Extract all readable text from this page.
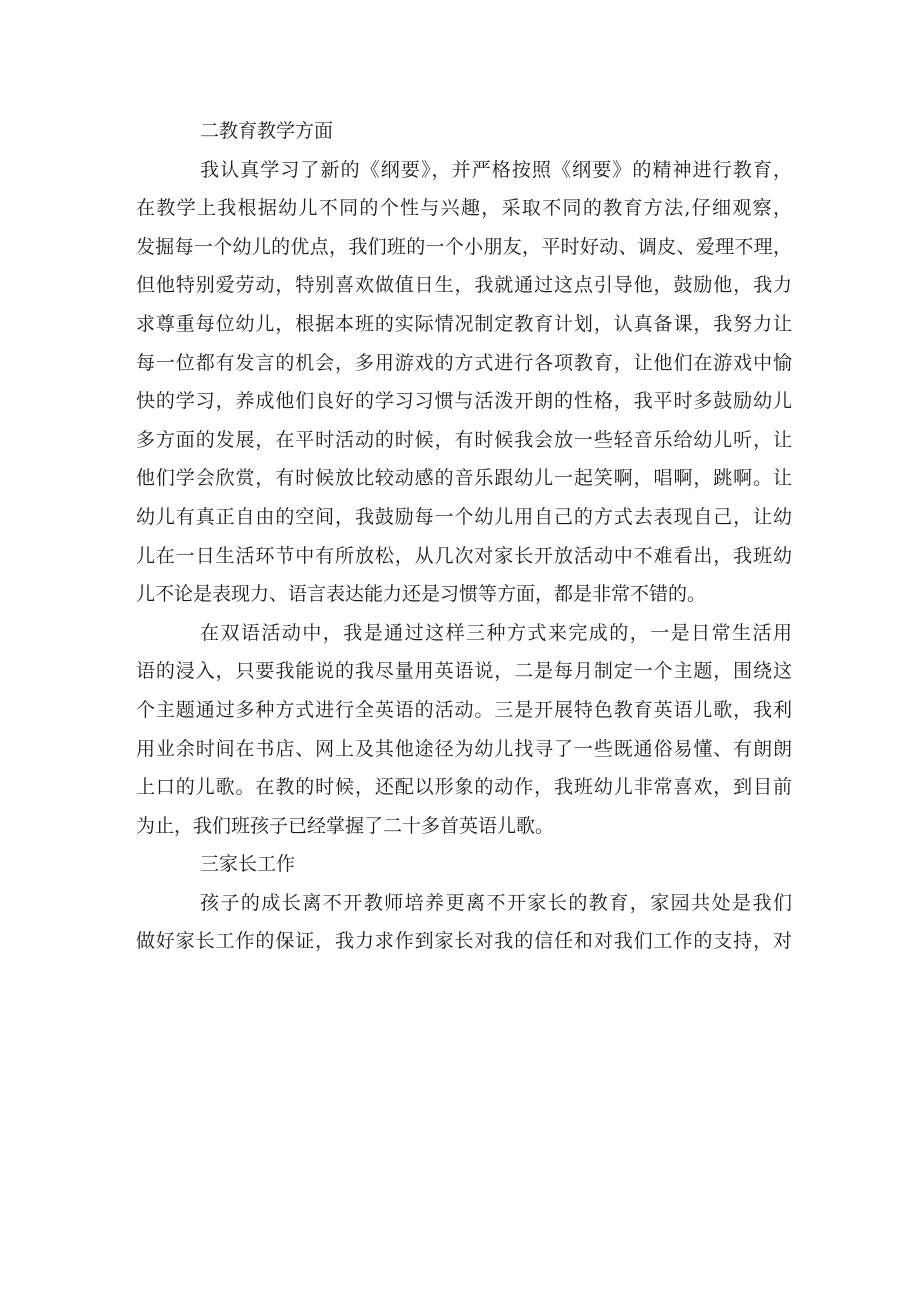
二教育教学方面
我认真学习了新的《纲要》，并严格按照《纲要》的精神进行教育，
在教学上我根据幼儿不同的个性与兴趣，采取不同的教育方法,仔细观察，
发掘每一个幼儿的优点，我们班的一个小朋友，平时好动、调皮、爱理不理，
但他特别爱劳动，特别喜欢做值日生，我就通过这点引导他，鼓励他，我力
求尊重每位幼儿，根据本班的实际情况制定教育计划，认真备课，我努力让
每一位都有发言的机会，多用游戏的方式进行各项教育，让他们在游戏中愉
快的学习，养成他们良好的学习习惯与活泼开朗的性格，我平时多鼓励幼儿
多方面的发展，在平时活动的时候，有时候我会放一些轻音乐给幼儿听，让
他们学会欣赏，有时候放比较动感的音乐跟幼儿一起笑啊，唱啊，跳啊。让
幼儿有真正自由的空间，我鼓励每一个幼儿用自己的方式去表现自己，让幼
儿在一日生活环节中有所放松，从几次对家长开放活动中不难看出，我班幼
儿不论是表现力、语言表达能力还是习惯等方面，都是非常不错的。
在双语活动中，我是通过这样三种方式来完成的，一是日常生活用
语的浸入，只要我能说的我尽量用英语说，二是每月制定一个主题，围绕这
个主题通过多种方式进行全英语的活动。三是开展特色教育英语儿歌，我利
用业余时间在书店、网上及其他途径为幼儿找寻了一些既通俗易懂、有朗朗
上口的儿歌。在教的时候，还配以形象的动作，我班幼儿非常喜欢，到目前
为止，我们班孩子已经掌握了二十多首英语儿歌。
三家长工作
孩子的成长离不开教师培养更离不开家长的教育，家园共处是我们
做好家长工作的保证，我力求作到家长对我的信任和对我们工作的支持，对
